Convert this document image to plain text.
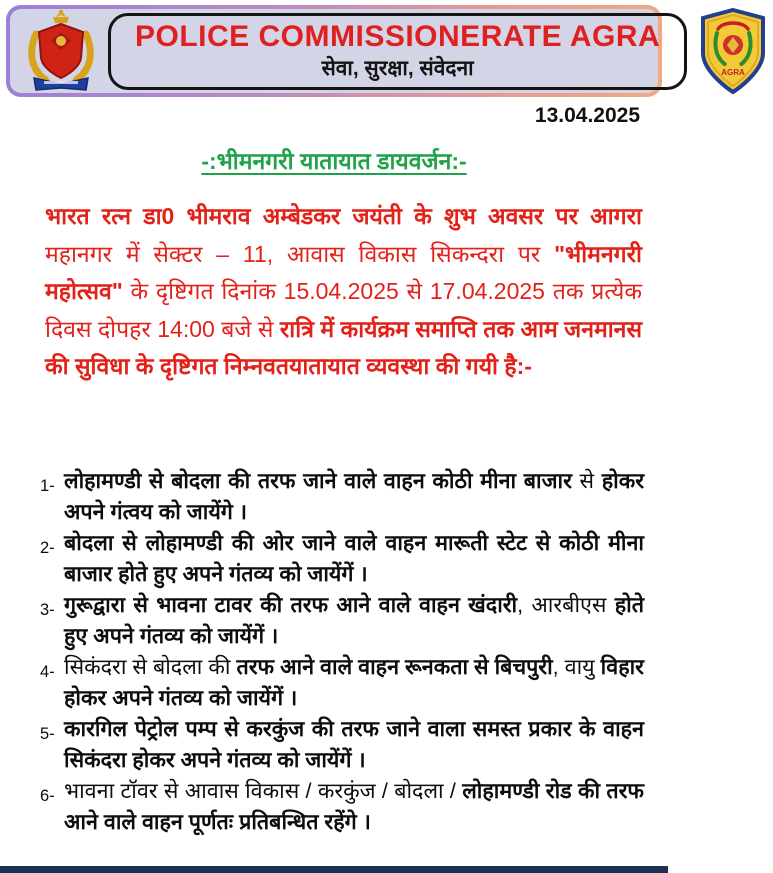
POLICE COMMISSIONERATE AGRA
सेवा, सुरक्षा, संवेदना	AGRA
13.04.2025
-:भीमनगरी यातायात डायवर्जन:-
भारत रत्न डा0 भीमराव अम्बेडकर जयंती के शुभ अवसर पर आगरा महानगर में सेक्टर – 11, आवास विकास सिकन्दरा पर "भीमनगरी महोत्सव" के दृष्टिगत दिनांक 15.04.2025 से 17.04.2025 तक प्रत्येक दिवस दोपहर 14:00 बजे से रात्रि में कार्यक्रम समाप्ति तक आम जनमानस की सुविधा के दृष्टिगत निम्नवतयातायात व्यवस्था की गयी है:-
1- लोहामण्डी से बोदला की तरफ जाने वाले वाहन कोठी मीना बाजार से होकर अपने गंत्वय को जायेंगे ।
2- बोदला से लोहामण्डी की ओर जाने वाले वाहन मारूती स्टेट से कोठी मीना बाजार होते हुए अपने गंतव्य को जायेंगें ।
3- गुरूद्वारा से भावना टावर की तरफ आने वाले वाहन खंदारी, आरबीएस होते हुए अपने गंतव्य को जायेंगें ।
4- सिकंदरा से बोदला की तरफ आने वाले वाहन रूनकता से बिचपुरी, वायु विहार होकर अपने गंतव्य को जायेंगें ।
5- कारगिल पेट्रोल पम्प से करकुंज की तरफ जाने वाला समस्त प्रकार के वाहन सिकंदरा होकर अपने गंतव्य को जायेंगें ।
6- भावना टॉवर से आवास विकास / करकुंज / बोदला / लोहामण्डी रोड की तरफ आने वाले वाहन पूर्णतः प्रतिबन्धित रहेंगे ।
